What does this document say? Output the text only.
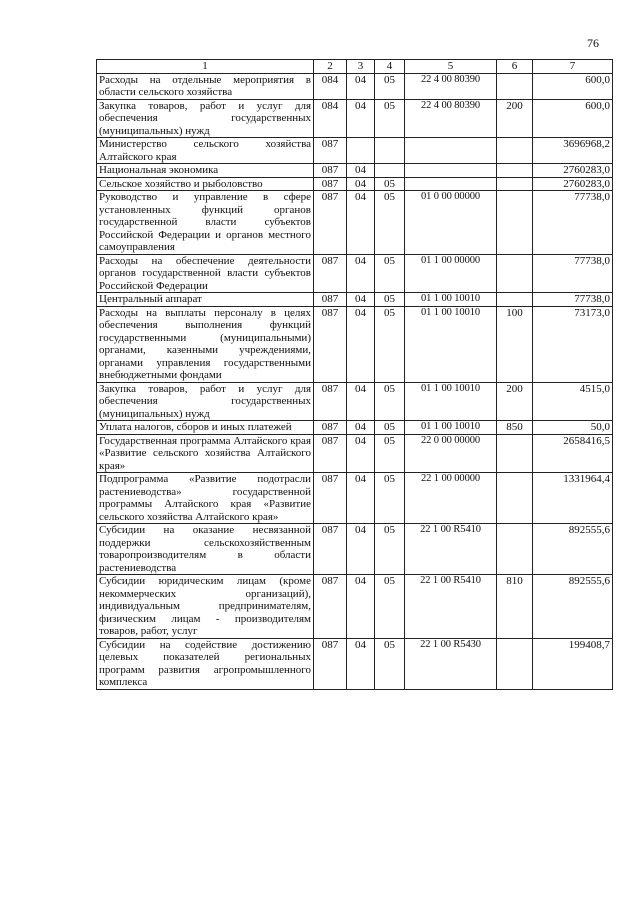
76
1	2	3	4	5	6	7
Расходы на отдельные мероприятия в области сельского хозяйства	084	04	05	22 4 00 80390		600,0
Закупка товаров, работ и услуг для обеспечения государственных (муниципальных) нужд	084	04	05	22 4 00 80390	200	600,0
Министерство сельского хозяйства Алтайского края	087					3696968,2
Национальная экономика	087	04				2760283,0
Сельское хозяйство и рыболовство	087	04	05			2760283,0
Руководство и управление в сфере установленных функций органов государственной власти субъектов Российской Федерации и органов местного самоуправления	087	04	05	01 0 00 00000		77738,0
Расходы на обеспечение деятельности органов государственной власти субъектов Российской Федерации	087	04	05	01 1 00 00000		77738,0
Центральный аппарат	087	04	05	01 1 00 10010		77738,0
Расходы на выплаты персоналу в целях обеспечения выполнения функций государственными (муниципальными) органами, казенными учреждениями, органами управления государственными внебюджетными фондами	087	04	05	01 1 00 10010	100	73173,0
Закупка товаров, работ и услуг для обеспечения государственных (муниципальных) нужд	087	04	05	01 1 00 10010	200	4515,0
Уплата налогов, сборов и иных платежей	087	04	05	01 1 00 10010	850	50,0
Государственная программа Алтайского края «Развитие сельского хозяйства Алтайского края»	087	04	05	22 0 00 00000		2658416,5
Подпрограмма «Развитие подотрасли растениеводства» государственной программы Алтайского края «Развитие сельского хозяйства Алтайского края»	087	04	05	22 1 00 00000		1331964,4
Субсидии на оказание несвязанной поддержки сельскохозяйственным товаропроизводителям в области растениеводства	087	04	05	22 1 00 R5410		892555,6
Субсидии юридическим лицам (кроме некоммерческих организаций), индивидуальным предпринимателям, физическим лицам - производителям товаров, работ, услуг	087	04	05	22 1 00 R5410	810	892555,6
Субсидии на содействие достижению целевых показателей региональных программ развития агропромышленного комплекса	087	04	05	22 1 00 R5430		199408,7
